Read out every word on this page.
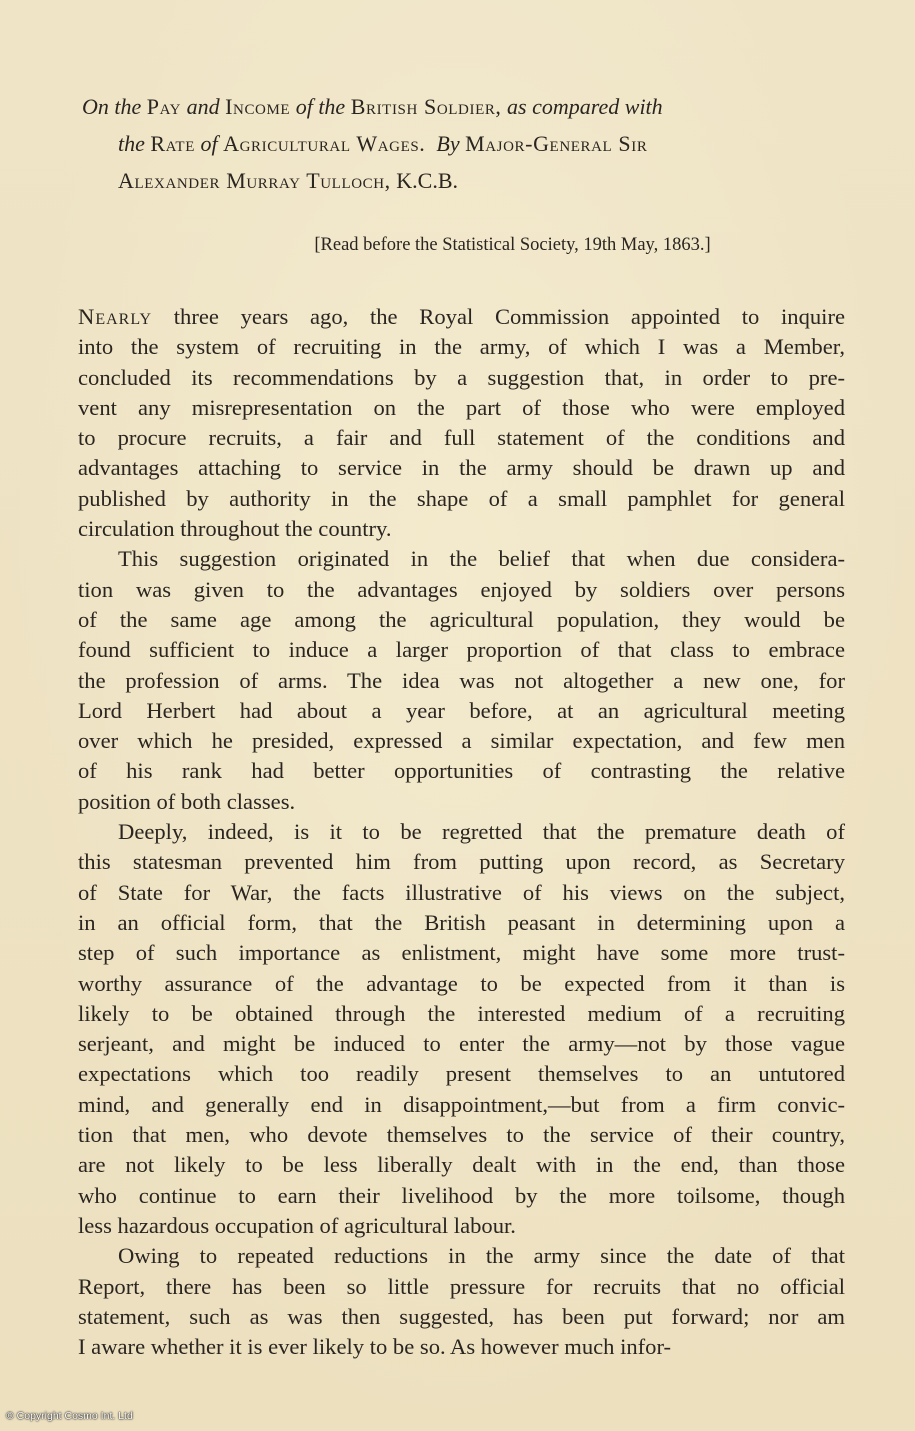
On the Pay and Income of the British Soldier, as compared with
the Rate of Agricultural Wages. By Major-General Sir
Alexander Murray Tulloch, K.C.B.
[Read before the Statistical Society, 19th May, 1863.]
Nearly three years ago, the Royal Commission appointed to inquire
into the system of recruiting in the army, of which I was a Member,
concluded its recommendations by a suggestion that, in order to pre-
vent any misrepresentation on the part of those who were employed
to procure recruits, a fair and full statement of the conditions and
advantages attaching to service in the army should be drawn up and
published by authority in the shape of a small pamphlet for general
circulation throughout the country.
This suggestion originated in the belief that when due considera-
tion was given to the advantages enjoyed by soldiers over persons
of the same age among the agricultural population, they would be
found sufficient to induce a larger proportion of that class to embrace
the profession of arms. The idea was not altogether a new one, for
Lord Herbert had about a year before, at an agricultural meeting
over which he presided, expressed a similar expectation, and few men
of his rank had better opportunities of contrasting the relative
position of both classes.
Deeply, indeed, is it to be regretted that the premature death of
this statesman prevented him from putting upon record, as Secretary
of State for War, the facts illustrative of his views on the subject,
in an official form, that the British peasant in determining upon a
step of such importance as enlistment, might have some more trust-
worthy assurance of the advantage to be expected from it than is
likely to be obtained through the interested medium of a recruiting
serjeant, and might be induced to enter the army—not by those vague
expectations which too readily present themselves to an untutored
mind, and generally end in disappointment,—but from a firm convic-
tion that men, who devote themselves to the service of their country,
are not likely to be less liberally dealt with in the end, than those
who continue to earn their livelihood by the more toilsome, though
less hazardous occupation of agricultural labour.
Owing to repeated reductions in the army since the date of that
Report, there has been so little pressure for recruits that no official
statement, such as was then suggested, has been put forward; nor am
I aware whether it is ever likely to be so. As however much infor-
© Copyright Cosmo Int. Ltd
